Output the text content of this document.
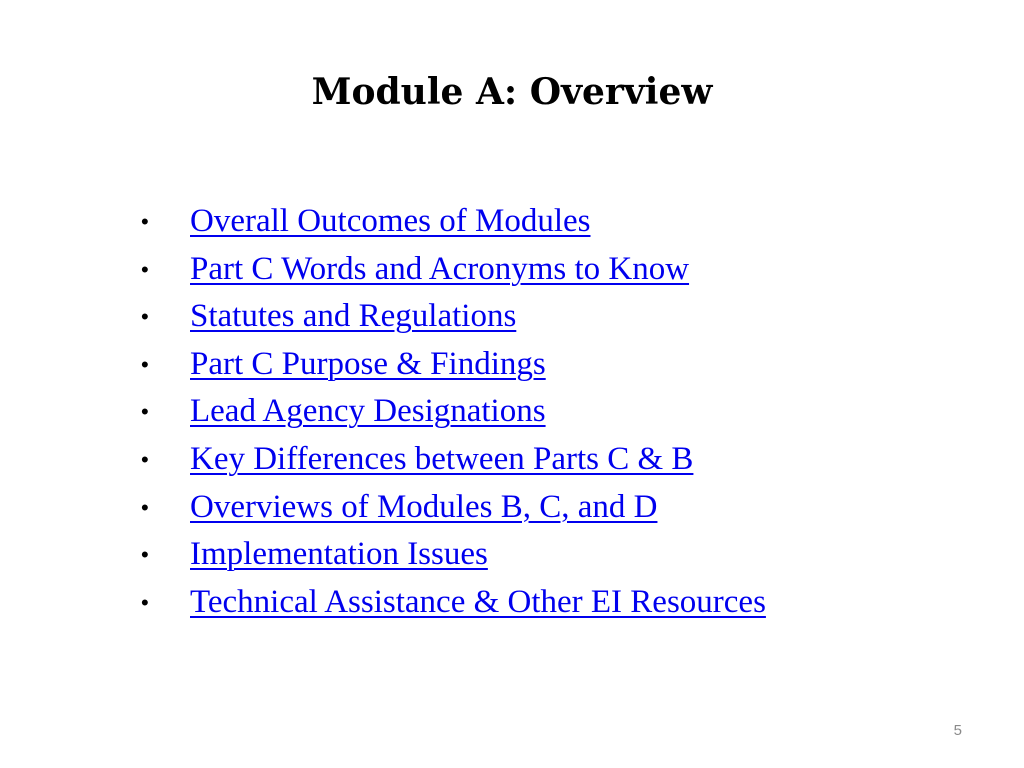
Module A: Overview
• Overall Outcomes of Modules
• Part C Words and Acronyms to Know
• Statutes and Regulations
• Part C Purpose & Findings
• Lead Agency Designations
• Key Differences between Parts C & B
• Overviews of Modules B, C, and D
• Implementation Issues
• Technical Assistance & Other EI Resources
5
